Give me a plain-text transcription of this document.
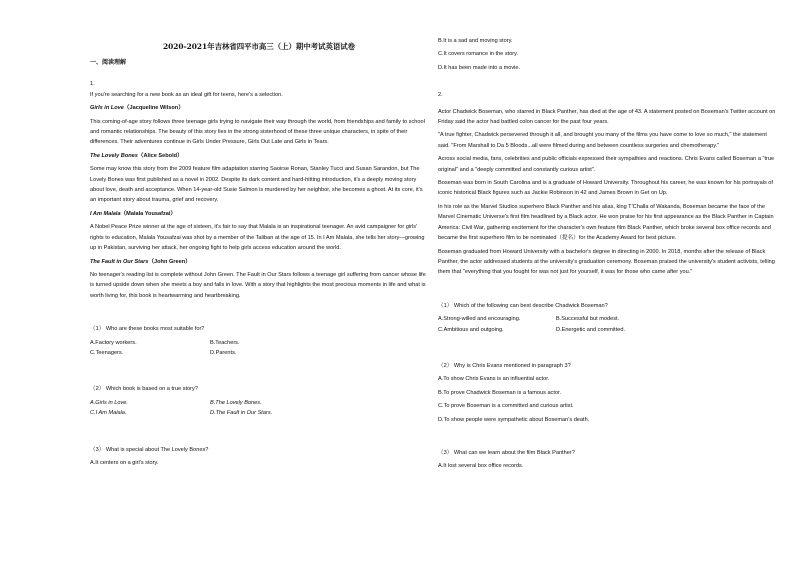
2020-2021年吉林省四平市高三（上）期中考试英语试卷
一、阅读理解

1.

If you're searching for a new book as an ideal gift for teens, here's a selection.

Girls in Love（Jacqueline Wilson）

This coming-of-age story follows three teenage girls trying to navigate their way through the world, from friendships and family to school and romantic relationships. The beauty of this story lies in the strong sisterhood of these three unique characters, in spite of their differences. Their adventures continue in Girls Under Pressure, Girls Out Late and Girls in Tears.

The Lovely Bones（Alice Sebold）

Some may know this story from the 2009 feature film adaptation starring Saoirse Ronan, Stanley Tucci and Susan Sarandon, but The Lovely Bones was first published as a novel in 2002. Despite its dark content and hard-hitting introduction, it's a deeply moving story about love, death and acceptance. When 14-year-old Susie Salmon is murdered by her neighbor, she becomes a ghost. At its core, it's an important story about trauma, grief and recovery.

I Am Malala（Malala Yousafzai）

A Nobel Peace Prize winner at the age of sixteen, it's fair to say that Malala is an inspirational teenager. An avid campaigner for girls' rights to education, Malala Yousafzai was shot by a member of the Taliban at the age of 15. In I Am Malala, she tells her story—growing up in Pakistan, surviving her attack, her ongoing fight to help girls access education around the world.

The Fault in Our Stars（John Green）

No teenager's reading list is complete without John Green. The Fault in Our Stars follows a teenage girl suffering from cancer whose life is turned upside down when she meets a boy and falls in love. With a story that highlights the most precious moments in life and what is worth living for, this book is heartwarming and heartbreaking.

（1） Who are these books most suitable for?

A.Factory workers.	B.Teachers.
C.Teenagers.	D.Parents.

（2） Which book is based on a true story?

A.Girls in Love.	B.The Lovely Bones.
C.I Am Malala.	D.The Fault in Our Stars.

（3） What is special about The Lovely Bones?

A.It centers on a girl's story.

B.It is a sad and moving story.

C.It covers romance in the story.

D.It has been made into a movie.

2.

Actor Chadwick Boseman, who starred in Black Panther, has died at the age of 43. A statement posted on Boseman's Twitter account on Friday said the actor had battled colon cancer for the past four years.

"A true fighter, Chadwick persevered through it all, and brought you many of the films you have come to love so much," the statement said. "From Marshall to Da 5 Bloods...all were filmed during and between countless surgeries and chemotherapy."

Across social media, fans, celebrities and public officials expressed their sympathies and reactions. Chris Evans called Boseman a "true original" and a "deeply committed and constantly curious artist".

Boseman was born in South Carolina and is a graduate of Howard University. Throughout his career, he was known for his portrayals of iconic historical Black figures such as Jackie Robinson in 42 and James Brown in Get on Up.

In his role as the Marvel Studios superhero Black Panther and his alias, king T'Challa of Wakanda, Boseman became the face of the Marvel Cinematic Universe's first film headlined by a Black actor. He won praise for his first appearance as the Black Panther in Captain America: Civil War, gathering excitement for the character's own feature film Black Panther, which broke several box office records and became the first superhero film to be nominated（提名）for the Academy Award for best picture.

Boseman graduated from Howard University with a bachelor's degree in directing in 2000. In 2018, months after the release of Black Panther, the actor addressed students at the university's graduation ceremony. Boseman praised the university's student activists, telling them that "everything that you fought for was not just for yourself, it was for those who came after you."

（1） Which of the following can best describe Chadwick Boseman?

A.Strong-willed and encouraging.	B.Successful but modest.
C.Ambitious and outgoing.	D.Energetic and committed.

（2） Why is Chris Evans mentioned in paragraph 3?

A.To show Chris Evans is an influential actor.

B.To prove Chadwick Boseman is a famous actor.

C.To prove Boseman is a committed and curious artist.

D.To show people were sympathetic about Boseman's death.

（3） What can we learn about the film Black Panther?

A.It lost several box office records.
